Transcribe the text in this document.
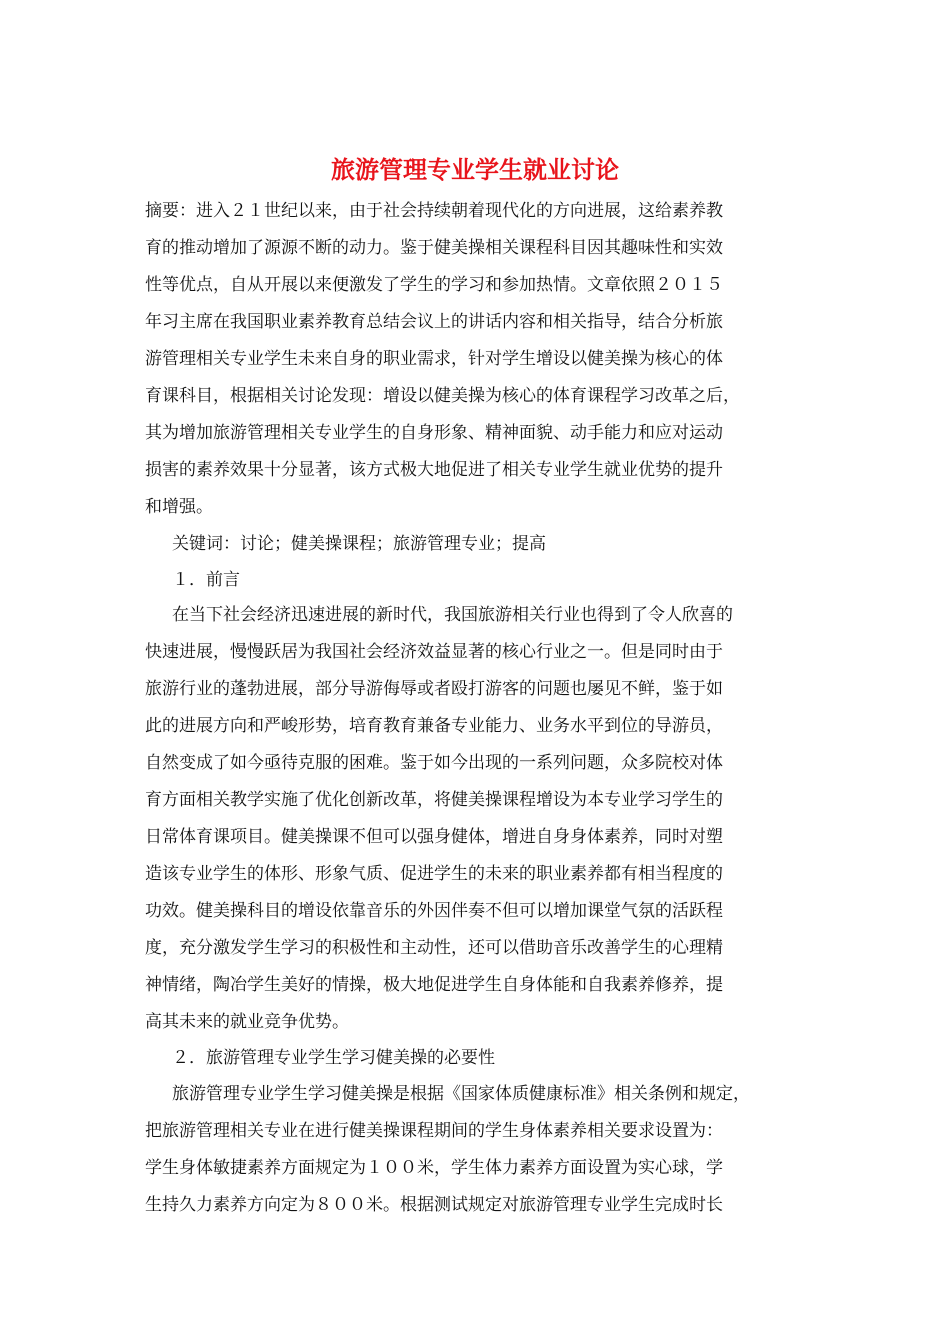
旅游管理专业学生就业讨论
摘要：进入２１世纪以来，由于社会持续朝着现代化的方向进展，这给素养教
育的推动增加了源源不断的动力。鉴于健美操相关课程科目因其趣味性和实效
性等优点，自从开展以来便激发了学生的学习和参加热情。文章依照２０１５
年习主席在我国职业素养教育总结会议上的讲话内容和相关指导，结合分析旅
游管理相关专业学生未来自身的职业需求，针对学生增设以健美操为核心的体
育课科目，根据相关讨论发现：增设以健美操为核心的体育课程学习改革之后，
其为增加旅游管理相关专业学生的自身形象、精神面貌、动手能力和应对运动
损害的素养效果十分显著，该方式极大地促进了相关专业学生就业优势的提升
和增强。
关键词：讨论；健美操课程；旅游管理专业；提高
１．前言
在当下社会经济迅速进展的新时代，我国旅游相关行业也得到了令人欣喜的
快速进展，慢慢跃居为我国社会经济效益显著的核心行业之一。但是同时由于
旅游行业的蓬勃进展，部分导游侮辱或者殴打游客的问题也屡见不鲜，鉴于如
此的进展方向和严峻形势，培育教育兼备专业能力、业务水平到位的导游员，
自然变成了如今亟待克服的困难。鉴于如今出现的一系列问题，众多院校对体
育方面相关教学实施了优化创新改革，将健美操课程增设为本专业学习学生的
日常体育课项目。健美操课不但可以强身健体，增进自身身体素养，同时对塑
造该专业学生的体形、形象气质、促进学生的未来的职业素养都有相当程度的
功效。健美操科目的增设依靠音乐的外因伴奏不但可以增加课堂气氛的活跃程
度，充分激发学生学习的积极性和主动性，还可以借助音乐改善学生的心理精
神情绪，陶冶学生美好的情操，极大地促进学生自身体能和自我素养修养，提
高其未来的就业竞争优势。
２．旅游管理专业学生学习健美操的必要性
旅游管理专业学生学习健美操是根据《国家体质健康标准》相关条例和规定，
把旅游管理相关专业在进行健美操课程期间的学生身体素养相关要求设置为：
学生身体敏捷素养方面规定为１００米，学生体力素养方面设置为实心球，学
生持久力素养方向定为８００米。根据测试规定对旅游管理专业学生完成时长
